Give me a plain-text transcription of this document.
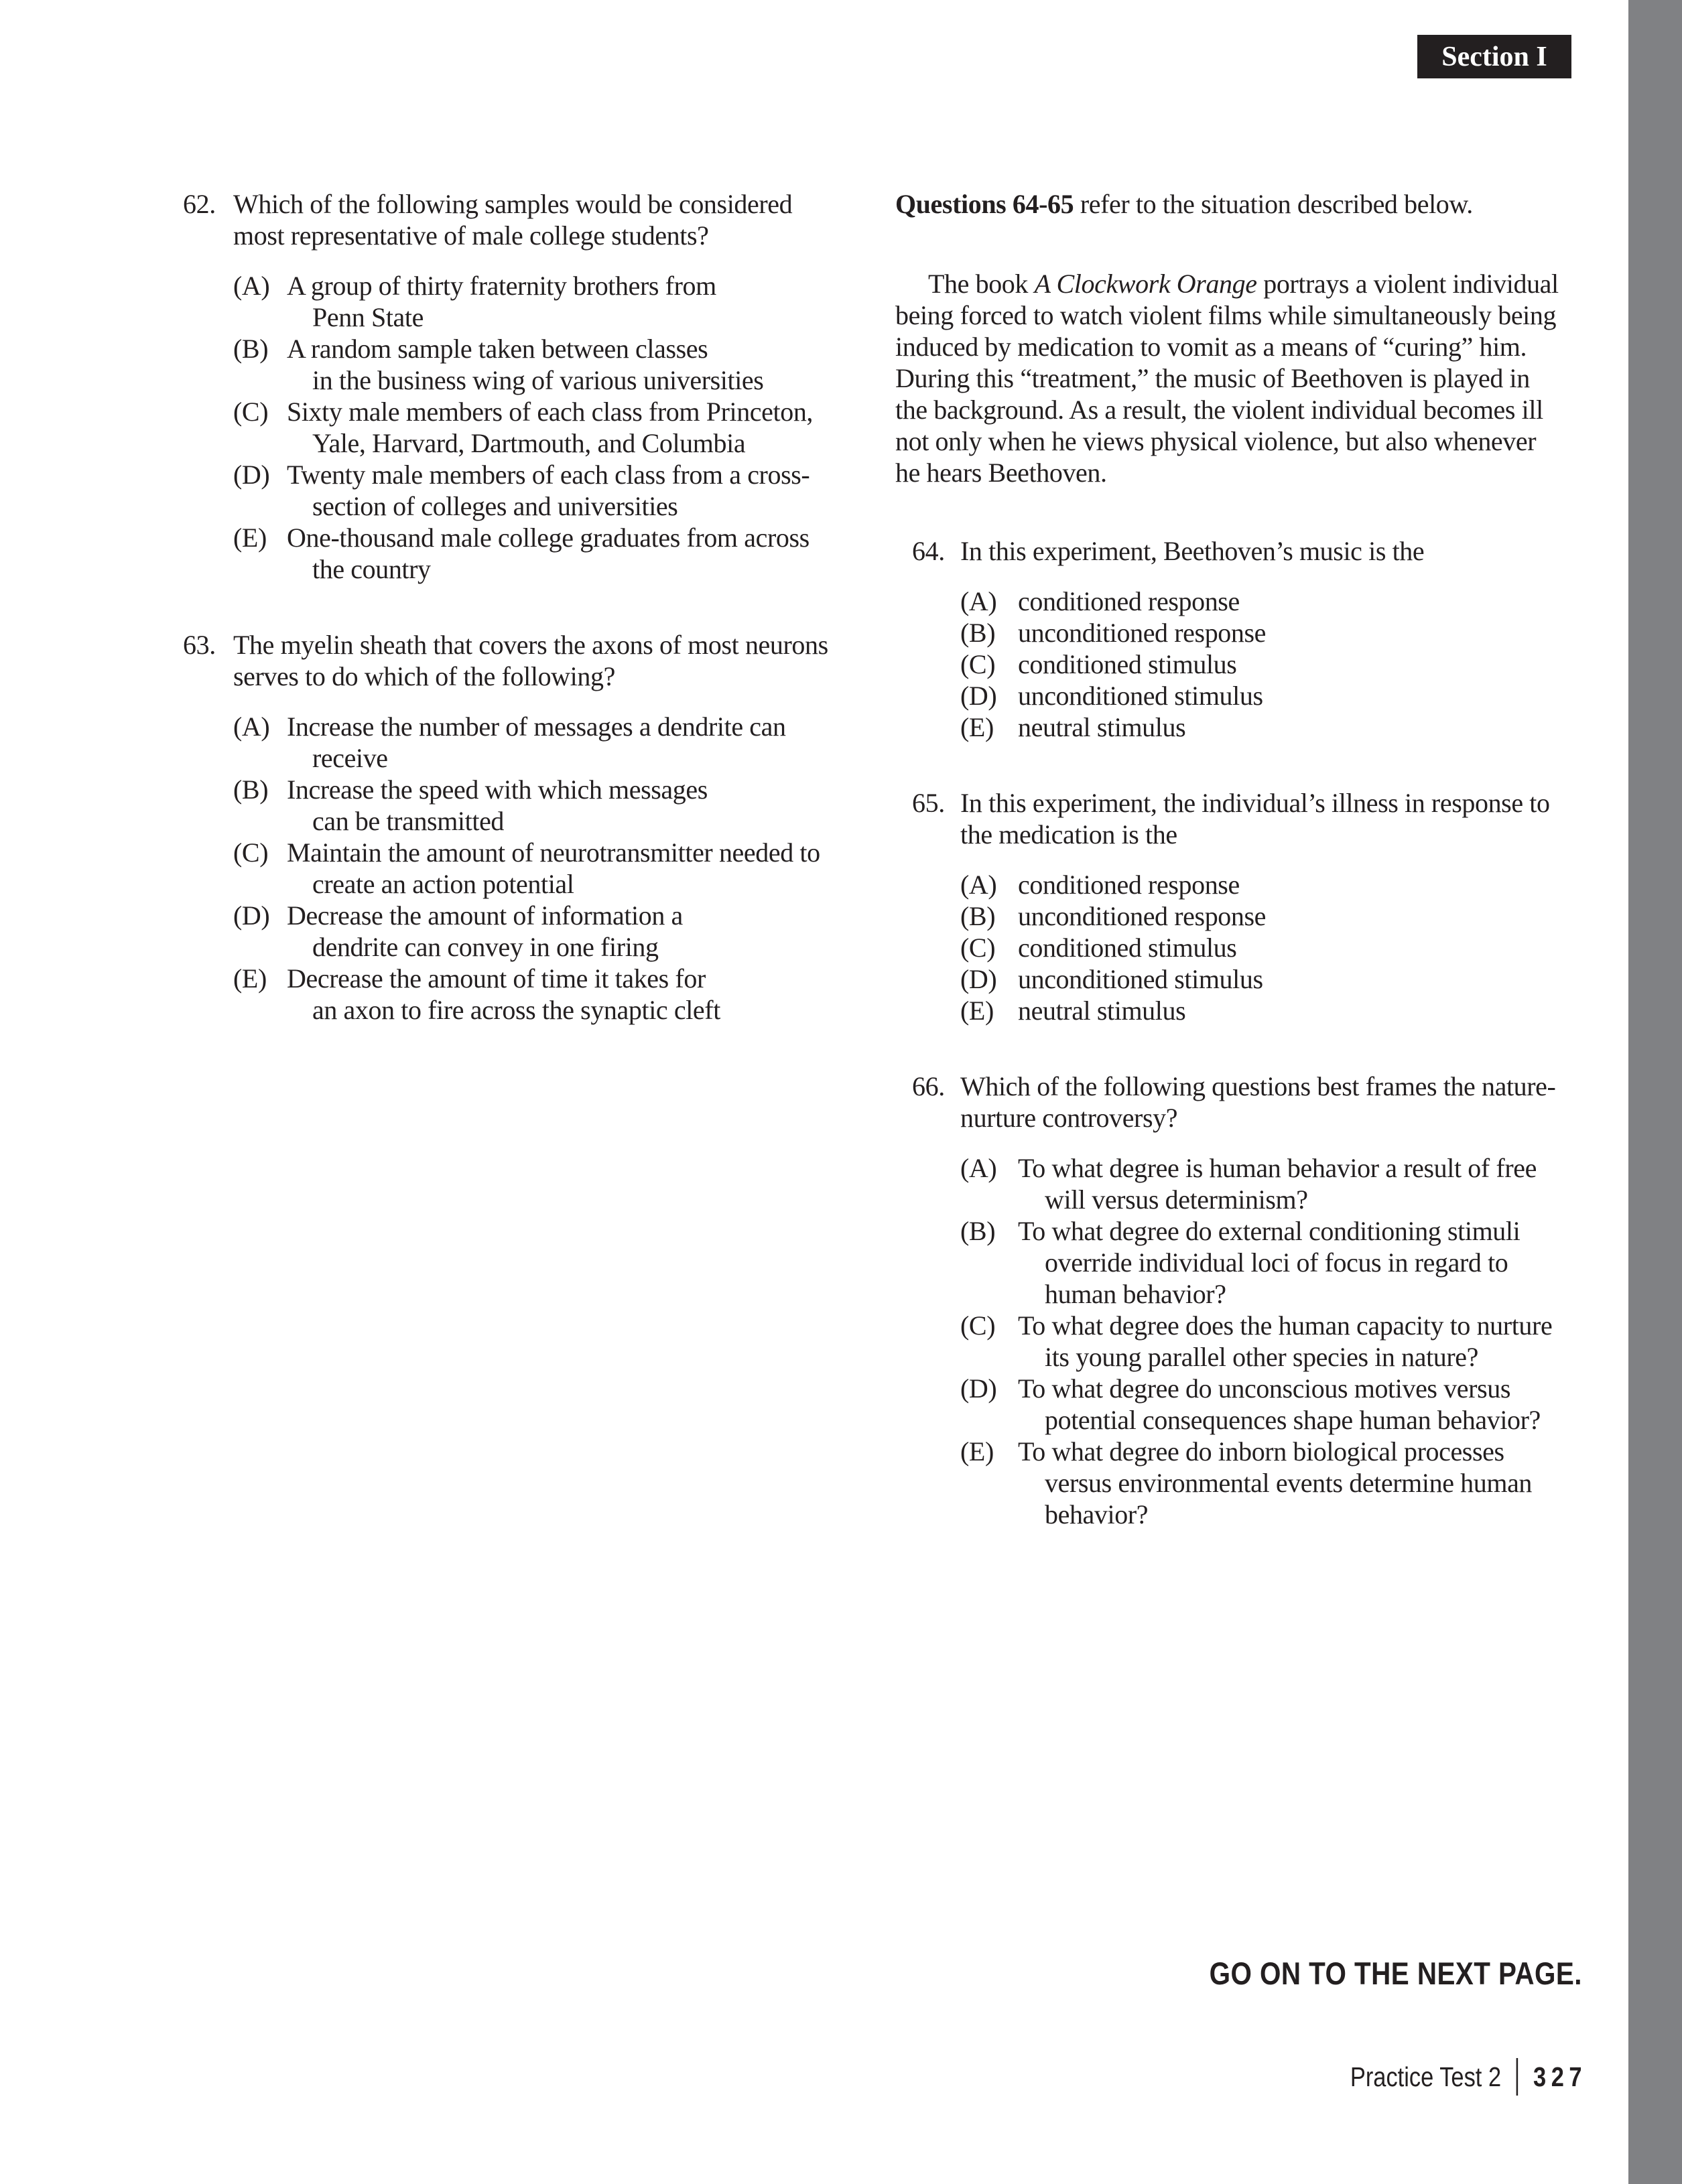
Section I
62. Which of the following samples would be considered
most representative of male college students?
(A) A group of thirty fraternity brothers from
Penn State
(B) A random sample taken between classes
in the business wing of various universities
(C) Sixty male members of each class from Princeton,
Yale, Harvard, Dartmouth, and Columbia
(D) Twenty male members of each class from a cross-
section of colleges and universities
(E) One-thousand male college graduates from across
the country
63. The myelin sheath that covers the axons of most neurons
serves to do which of the following?
(A) Increase the number of messages a dendrite can
receive
(B) Increase the speed with which messages
can be transmitted
(C) Maintain the amount of neurotransmitter needed to
create an action potential
(D) Decrease the amount of information a
dendrite can convey in one firing
(E) Decrease the amount of time it takes for
an axon to fire across the synaptic cleft
Questions 64-65 refer to the situation described below.
The book A Clockwork Orange portrays a violent individual
being forced to watch violent films while simultaneously being
induced by medication to vomit as a means of “curing” him.
During this “treatment,” the music of Beethoven is played in
the background. As a result, the violent individual becomes ill
not only when he views physical violence, but also whenever
he hears Beethoven.
64. In this experiment, Beethoven’s music is the
(A) conditioned response
(B) unconditioned response
(C) conditioned stimulus
(D) unconditioned stimulus
(E) neutral stimulus
65. In this experiment, the individual’s illness in response to
the medication is the
(A) conditioned response
(B) unconditioned response
(C) conditioned stimulus
(D) unconditioned stimulus
(E) neutral stimulus
66. Which of the following questions best frames the nature-
nurture controversy?
(A) To what degree is human behavior a result of free
will versus determinism?
(B) To what degree do external conditioning stimuli
override individual loci of focus in regard to
human behavior?
(C) To what degree does the human capacity to nurture
its young parallel other species in nature?
(D) To what degree do unconscious motives versus
potential consequences shape human behavior?
(E) To what degree do inborn biological processes
versus environmental events determine human
behavior?
GO ON TO THE NEXT PAGE.
Practice Test 2 327
